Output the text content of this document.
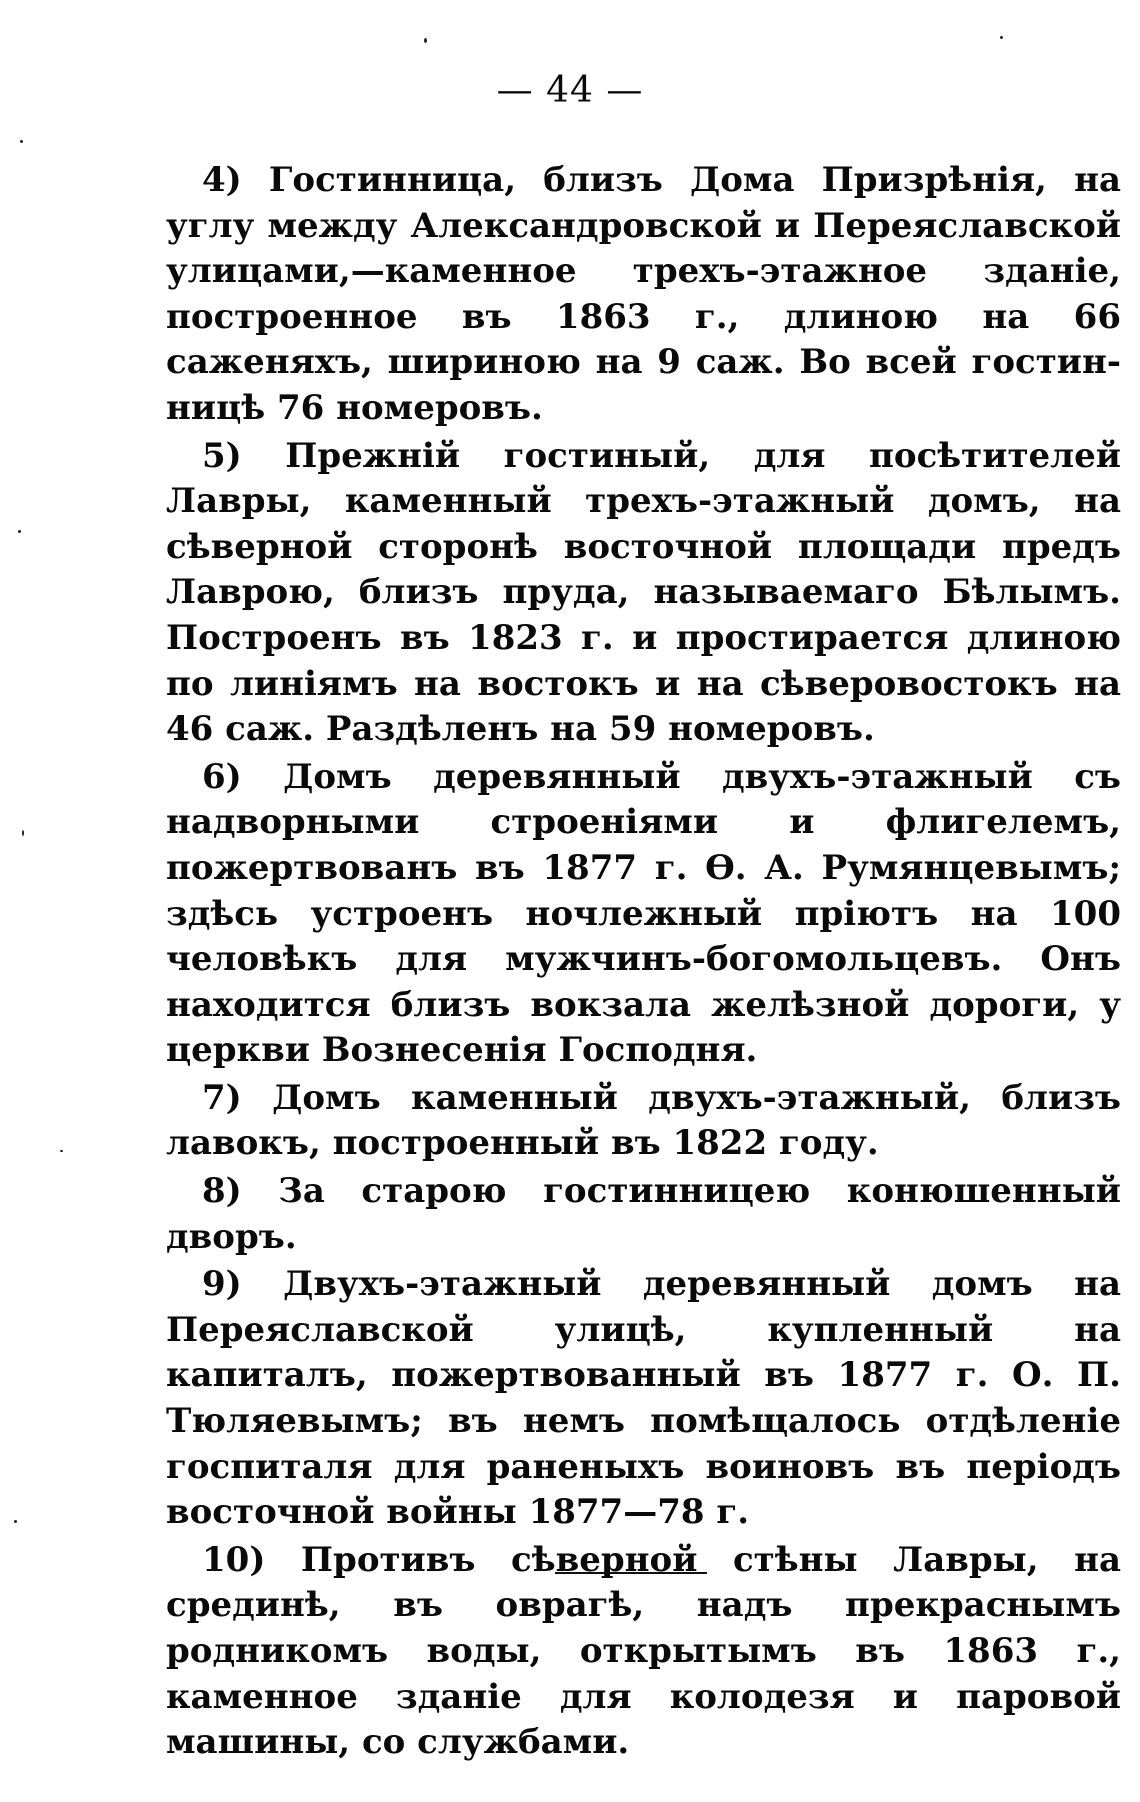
— 44 —

4) Гостинница, близъ Дома Призрѣнія, на углу между Александровской и Переяславской улицами,—каменное трехъ-этажное зданіе, построенное въ 1863 г., длиною на 66 саженяхъ, шириною на 9 саж. Во всей гостинницѣ 76 номеровъ.

5) Прежній гостиный, для посѣтителей Лавры, каменный трехъ-этажный домъ, на сѣверной сторонѣ восточной площади предъ Лаврою, близъ пруда, называемаго Бѣлымъ. Построенъ въ 1823 г. и простирается длиною по линіямъ на востокъ и на сѣверовостокъ на 46 саж. Раздѣленъ на 59 номеровъ.

6) Домъ деревянный двухъ-этажный съ надворными строеніями и флигелемъ, пожертвованъ въ 1877 г. Ѳ. А. Румянцевымъ; здѣсь устроенъ ночлежный пріютъ на 100 человѣкъ для мужчинъ-богомольцевъ. Онъ находится близъ вокзала желѣзной дороги, у церкви Вознесенія Господня.

7) Домъ каменный двухъ-этажный, близъ лавокъ, построенный въ 1822 году.

8) За старою гостинницею конюшенный дворъ.

9) Двухъ-этажный деревянный домъ на Переяславской улицѣ, купленный на капиталъ, пожертвованный въ 1877 г. О. П. Тюляевымъ; въ немъ помѣщалось отдѣленіе госпиталя для раненыхъ воиновъ въ періодъ восточной войны 1877—78 г.

10) Противъ сѣверной стѣны Лавры, на срединѣ, въ оврагѣ, надъ прекраснымъ родникомъ воды, открытымъ въ 1863 г., каменное зданіе для колодезя и паровой машины, со службами.
